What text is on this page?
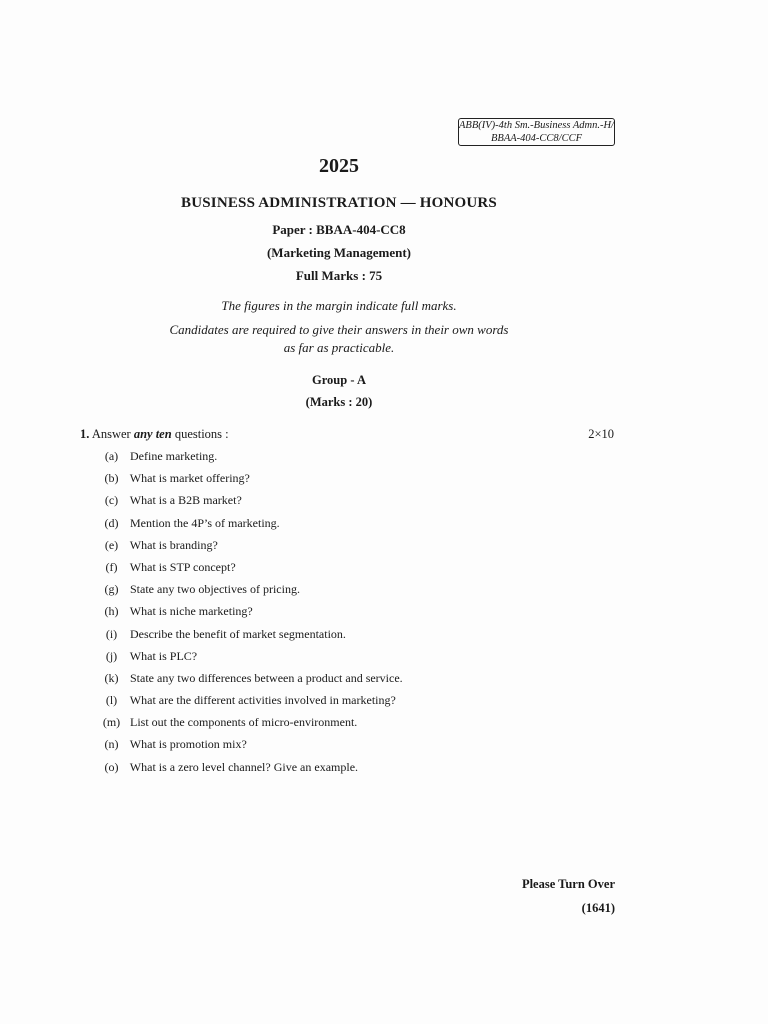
ABB(IV)-4th Sm.-Business Admn.-H/
BBAA-404-CC8/CCF
2025
BUSINESS ADMINISTRATION — HONOURS
Paper : BBAA-404-CC8
(Marketing Management)
Full Marks : 75
The figures in the margin indicate full marks.
Candidates are required to give their answers in their own words
as far as practicable.
Group - A
(Marks : 20)
1. Answer any ten questions :	2×10
(a) Define marketing.
(b) What is market offering?
(c) What is a B2B market?
(d) Mention the 4P’s of marketing.
(e) What is branding?
(f) What is STP concept?
(g) State any two objectives of pricing.
(h) What is niche marketing?
(i) Describe the benefit of market segmentation.
(j) What is PLC?
(k) State any two differences between a product and service.
(l) What are the different activities involved in marketing?
(m) List out the components of micro-environment.
(n) What is promotion mix?
(o) What is a zero level channel? Give an example.
Please Turn Over
(1641)
